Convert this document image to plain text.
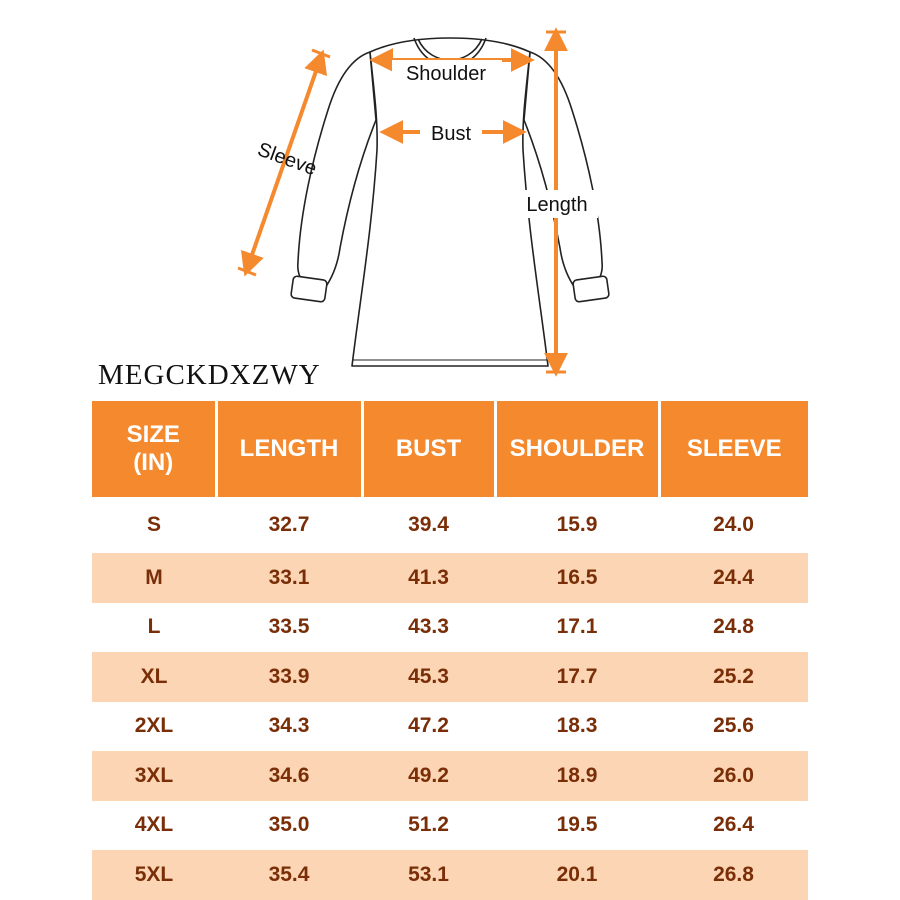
Shoulder
Bust
Length
Sleeve
MEGCKDXZWY
SIZE
(IN)	LENGTH	BUST	SHOULDER	SLEEVE
S	32.7	39.4	15.9	24.0
M	33.1	41.3	16.5	24.4
L	33.5	43.3	17.1	24.8
XL	33.9	45.3	17.7	25.2
2XL	34.3	47.2	18.3	25.6
3XL	34.6	49.2	18.9	26.0
4XL	35.0	51.2	19.5	26.4
5XL	35.4	53.1	20.1	26.8
